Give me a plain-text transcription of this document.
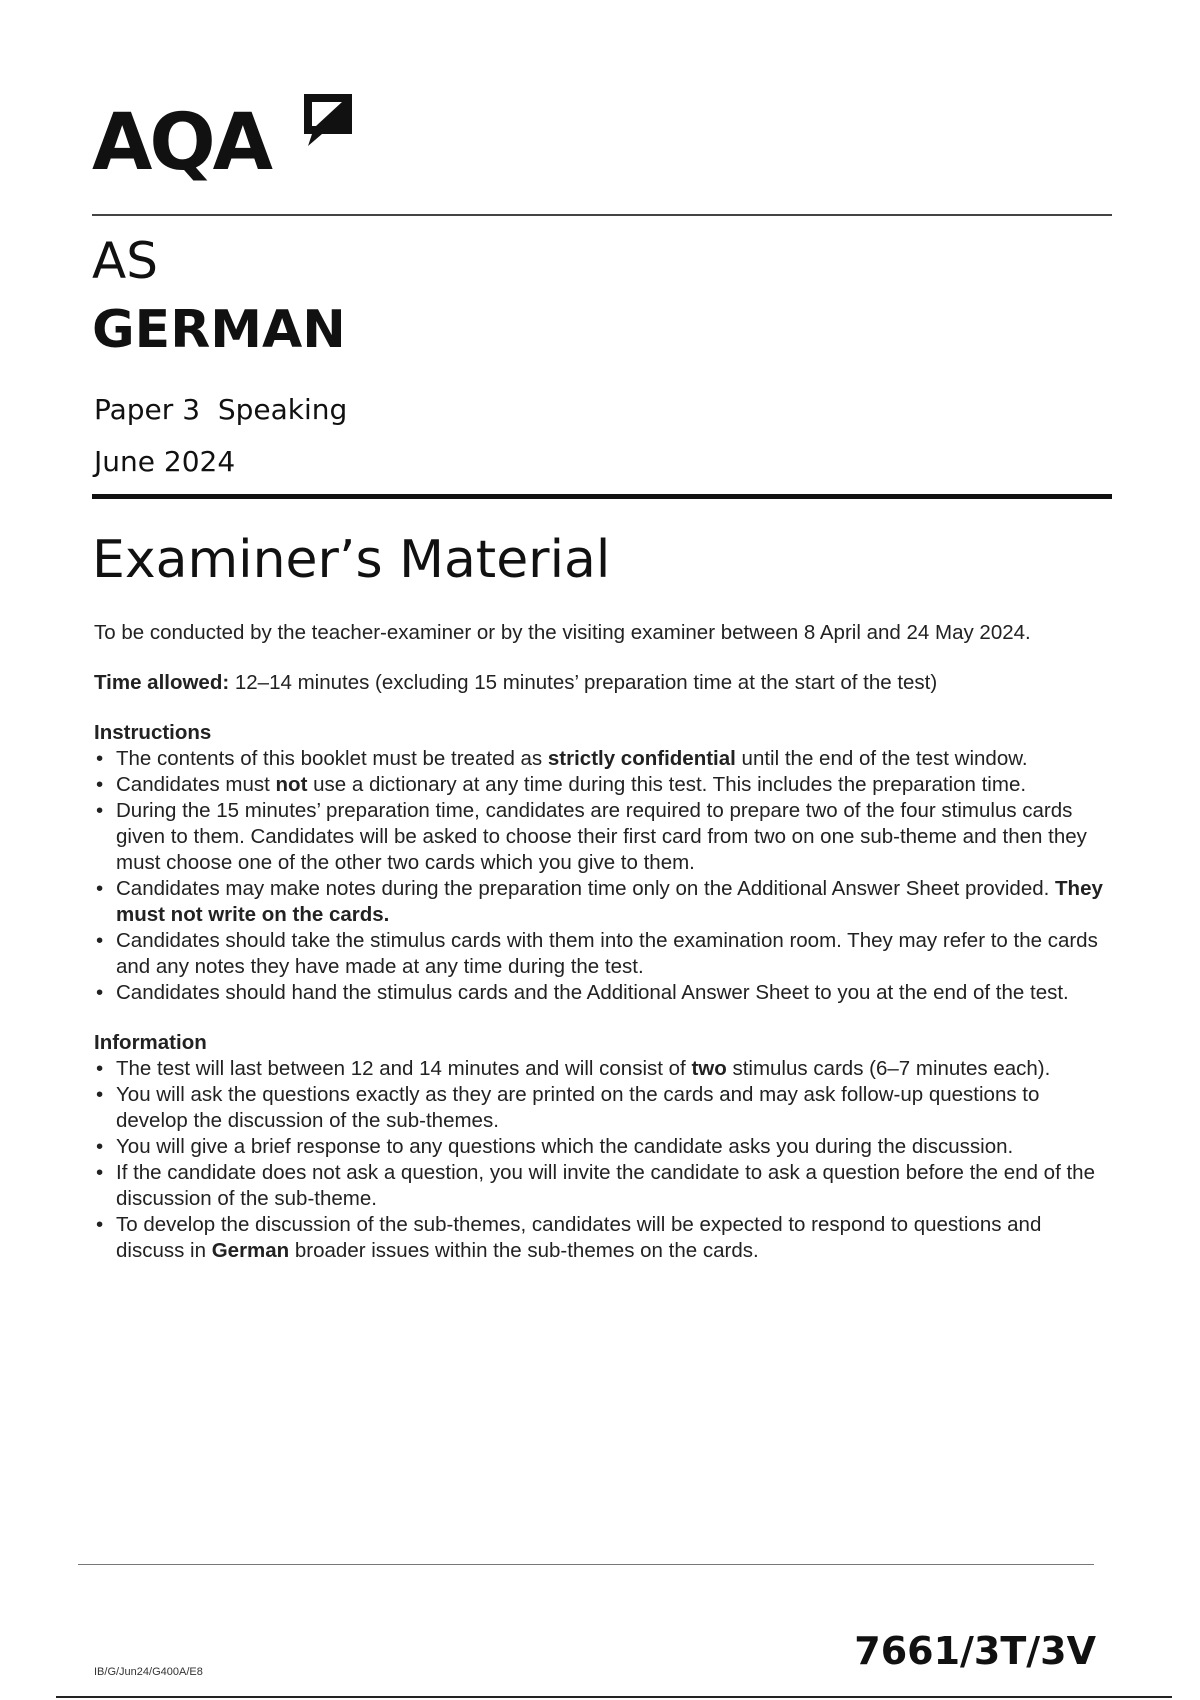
AQA
AS
GERMAN
Paper 3  Speaking
June 2024
Examiner’s Material

To be conducted by the teacher-examiner or by the visiting examiner between 8 April and 24 May 2024.

Time allowed: 12–14 minutes (excluding 15 minutes’ preparation time at the start of the test)

Instructions

• The contents of this booklet must be treated as strictly confidential until the end of the test window.
• Candidates must not use a dictionary at any time during this test. This includes the preparation time.
• During the 15 minutes’ preparation time, candidates are required to prepare two of the four stimulus cards given to them. Candidates will be asked to choose their first card from two on one sub-theme and then they must choose one of the other two cards which you give to them.
• Candidates may make notes during the preparation time only on the Additional Answer Sheet provided. They must not write on the cards.
• Candidates should take the stimulus cards with them into the examination room. They may refer to the cards and any notes they have made at any time during the test.
• Candidates should hand the stimulus cards and the Additional Answer Sheet to you at the end of the test.

Information

• The test will last between 12 and 14 minutes and will consist of two stimulus cards (6–7 minutes each).
• You will ask the questions exactly as they are printed on the cards and may ask follow-up questions to develop the discussion of the sub-themes.
• You will give a brief response to any questions which the candidate asks you during the discussion.
• If the candidate does not ask a question, you will invite the candidate to ask a question before the end of the discussion of the sub-theme.
• To develop the discussion of the sub-themes, candidates will be expected to respond to questions and discuss in German broader issues within the sub-themes on the cards.
IB/G/Jun24/G400A/E8	7661/3T/3V
